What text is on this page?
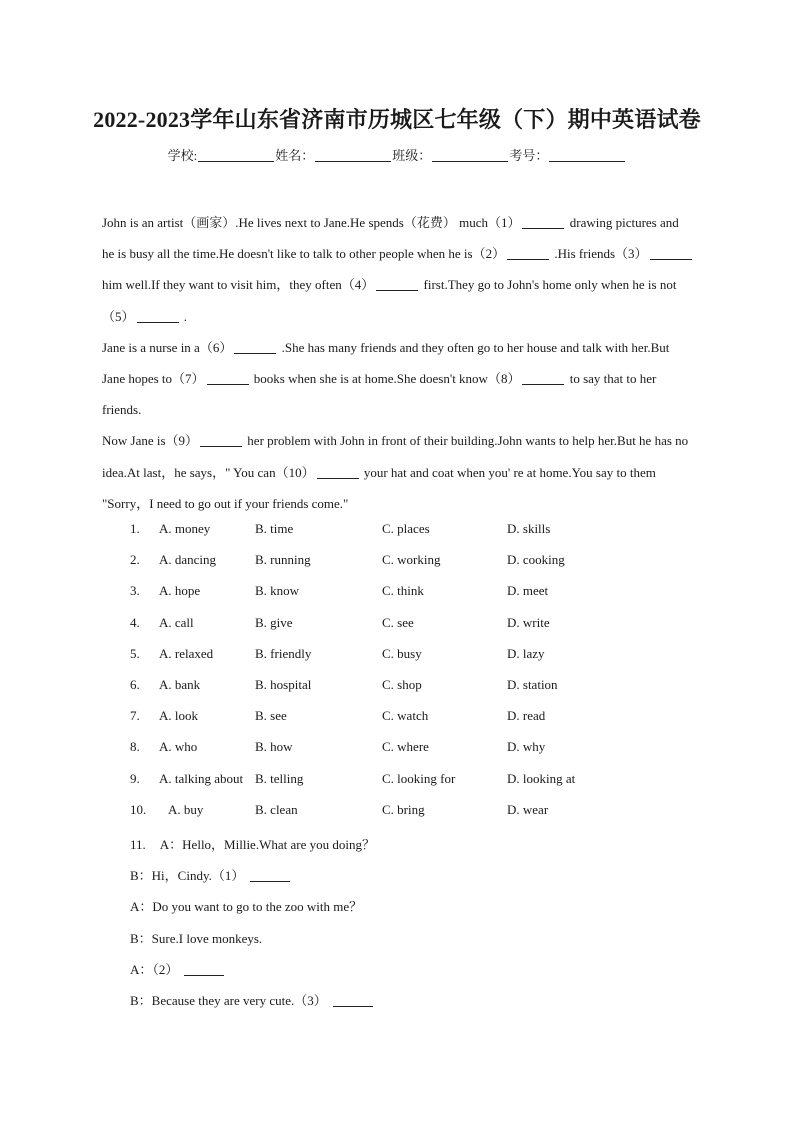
2022-2023学年山东省济南市历城区七年级（下）期中英语试卷
学校:	姓名：	班级：	考号：

John is an artist（画家）.He lives next to Jane.He spends（花费） much（1）	drawing pictures and he is busy all the time.He doesn't like to talk to other people when he is（2）	.His friends（3） him well.If they want to visit him，they often（4）	first.They go to John's home only when he is not（5）	.

Jane is a nurse in a（6）	.She has many friends and they often go to her house and talk with her.But Jane hopes to（7）	books when she is at home.She doesn't know（8）	to say that to her friends.

Now Jane is（9）	her problem with John in front of their building.John wants to help her.But he has no idea.At last，he says，" You can（10）	your hat and coat when you' re at home.You say to them "Sorry，I need to go out if your friends come."

1. A. money	B. time	C. places	D. skills
2. A. dancing	B. running	C. working	D. cooking
3. A. hope	B. know	C. think	D. meet
4. A. call	B. give	C. see	D. write
5. A. relaxed	B. friendly	C. busy	D. lazy
6. A. bank	B. hospital	C. shop	D. station
7. A. look	B. see	C. watch	D. read
8. A. who	B. how	C. where	D. why
9. A. talking about B. telling	C. looking for	D. looking at
10. A. buy	B. clean	C. bring	D. wear

11. A：Hello，Millie.What are you doing？

B：Hi，Cindy.（1）

A：Do you want to go to the zoo with me？

B：Sure.I love monkeys.

A：（2）

B：Because they are very cute.（3）
